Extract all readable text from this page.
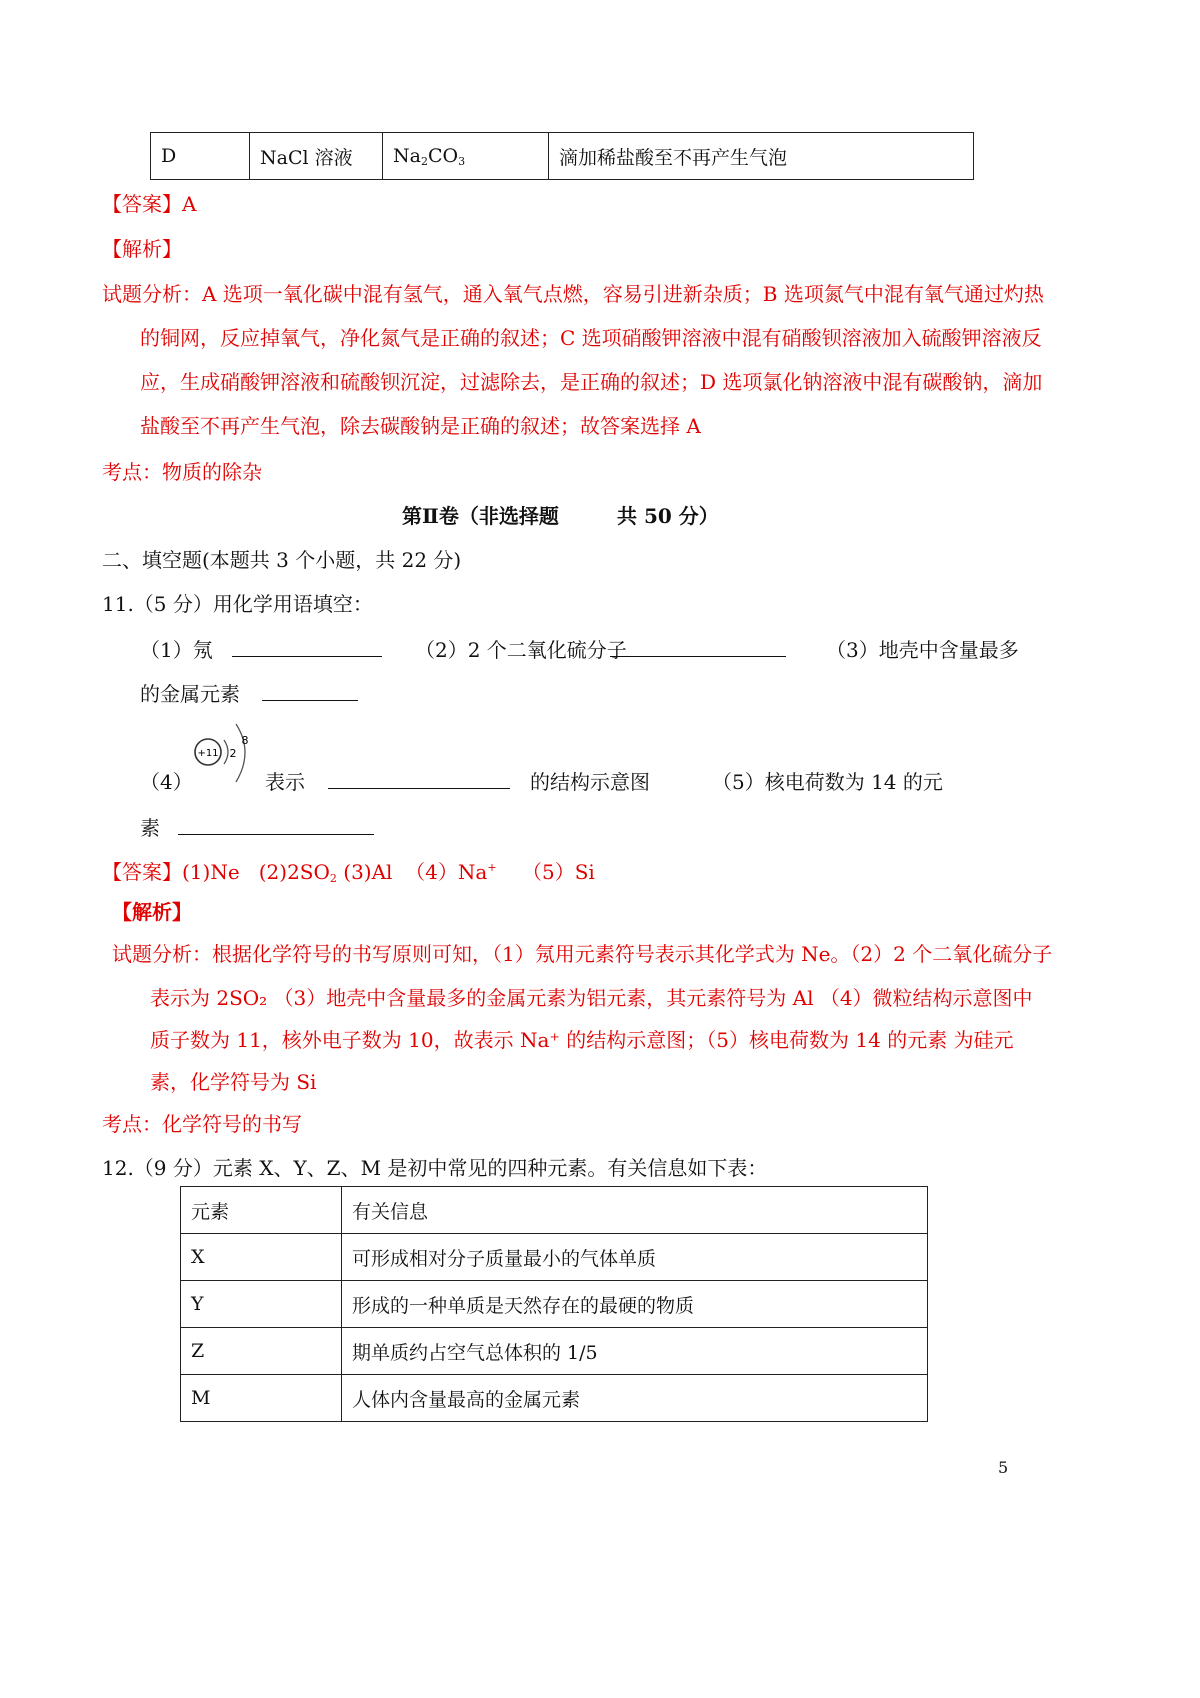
D	NaCl 溶液	$Na_2CO_3$	滴加稀盐酸至不再产生气泡
【答案】A
【解析】
试题分析：A 选项一氧化碳中混有氢气，通入氧气点燃，容易引进新杂质；B 选项氮气中混有氧气通过灼热
的铜网，反应掉氧气，净化氮气是正确的叙述；C 选项硝酸钾溶液中混有硝酸钡溶液加入硫酸钾溶液反
应，生成硝酸钾溶液和硫酸钡沉淀，过滤除去，是正确的叙述；D 选项氯化钠溶液中混有碳酸钠，滴加
盐酸至不再产生气泡，除去碳酸钠是正确的叙述；故答案选择 A
考点：物质的除杂
第Ⅱ卷（非选择题	共 50 分）
二、填空题(本题共 3 个小题，共 22 分)
11.（5 分）用化学用语填空：
（1）氖	（2）2 个二氧化硫分子	（3）地壳中含量最多
的金属元素
（4）
+11 2
8
表示	的结构示意图	（5）核电荷数为 14 的元
素
【答案】(1)Ne $(2)2SO_2$ (3)Al （4）Na+ （5）Si
【解析】
试题分析：根据化学符号的书写原则可知，（1）氖用元素符号表示其化学式为 Ne。（2）2 个二氧化硫分子
表示为 2SO₂ （3）地壳中含量最多的金属元素为铝元素，其元素符号为 Al （4）微粒结构示意图中
质子数为 11，核外电子数为 10，故表示 Na⁺ 的结构示意图；（5）核电荷数为 14 的元素 为硅元
素，化学符号为 Si
考点：化学符号的书写
12.（9 分）元素 X、Y、Z、M 是初中常见的四种元素。有关信息如下表：
元素	有关信息
X	可形成相对分子质量最小的气体单质
Y	形成的一种单质是天然存在的最硬的物质
Z	期单质约占空气总体积的 1/5
M	人体内含量最高的金属元素
5
